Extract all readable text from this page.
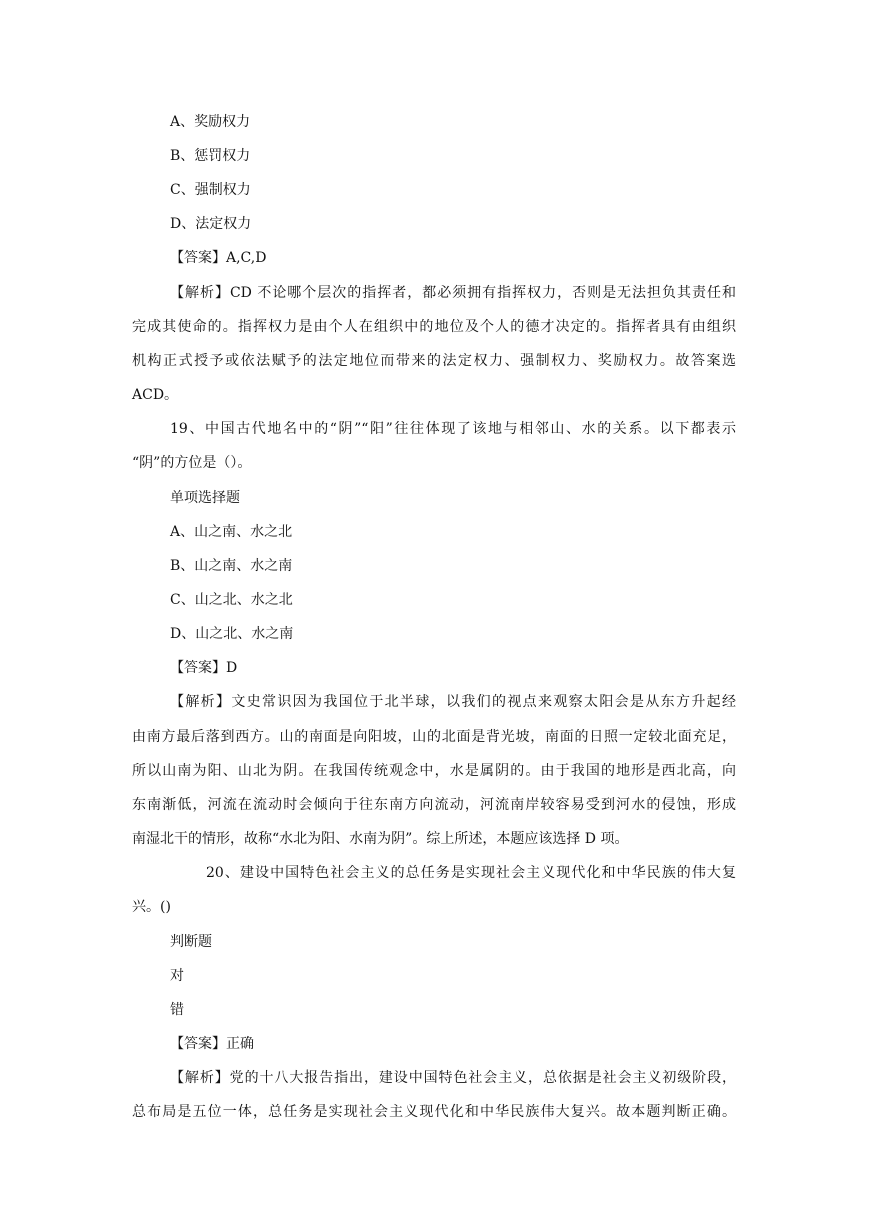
A、奖励权力
B、惩罚权力
C、强制权力
D、法定权力
【答案】A,C,D
【解析】CD 不论哪个层次的指挥者，都必须拥有指挥权力，否则是无法担负其责任和
完成其使命的。指挥权力是由个人在组织中的地位及个人的德才决定的。指挥者具有由组织
机构正式授予或依法赋予的法定地位而带来的法定权力、强制权力、奖励权力。故答案选
ACD。
19、中国古代地名中的“阴”“阳”往往体现了该地与相邻山、水的关系。以下都表示
“阴”的方位是（）。
单项选择题
A、山之南、水之北
B、山之南、水之南
C、山之北、水之北
D、山之北、水之南
【答案】D
【解析】文史常识因为我国位于北半球，以我们的视点来观察太阳会是从东方升起经
由南方最后落到西方。山的南面是向阳坡，山的北面是背光坡，南面的日照一定较北面充足，
所以山南为阳、山北为阴。在我国传统观念中，水是属阴的。由于我国的地形是西北高，向
东南渐低，河流在流动时会倾向于往东南方向流动，河流南岸较容易受到河水的侵蚀，形成
南湿北干的情形，故称“水北为阳、水南为阴”。综上所述，本题应该选择 D 项。
20、建设中国特色社会主义的总任务是实现社会主义现代化和中华民族的伟大复
兴。()
判断题
对
错
【答案】正确
【解析】党的十八大报告指出，建设中国特色社会主义，总依据是社会主义初级阶段，
总布局是五位一体，总任务是实现社会主义现代化和中华民族伟大复兴。故本题判断正确。
